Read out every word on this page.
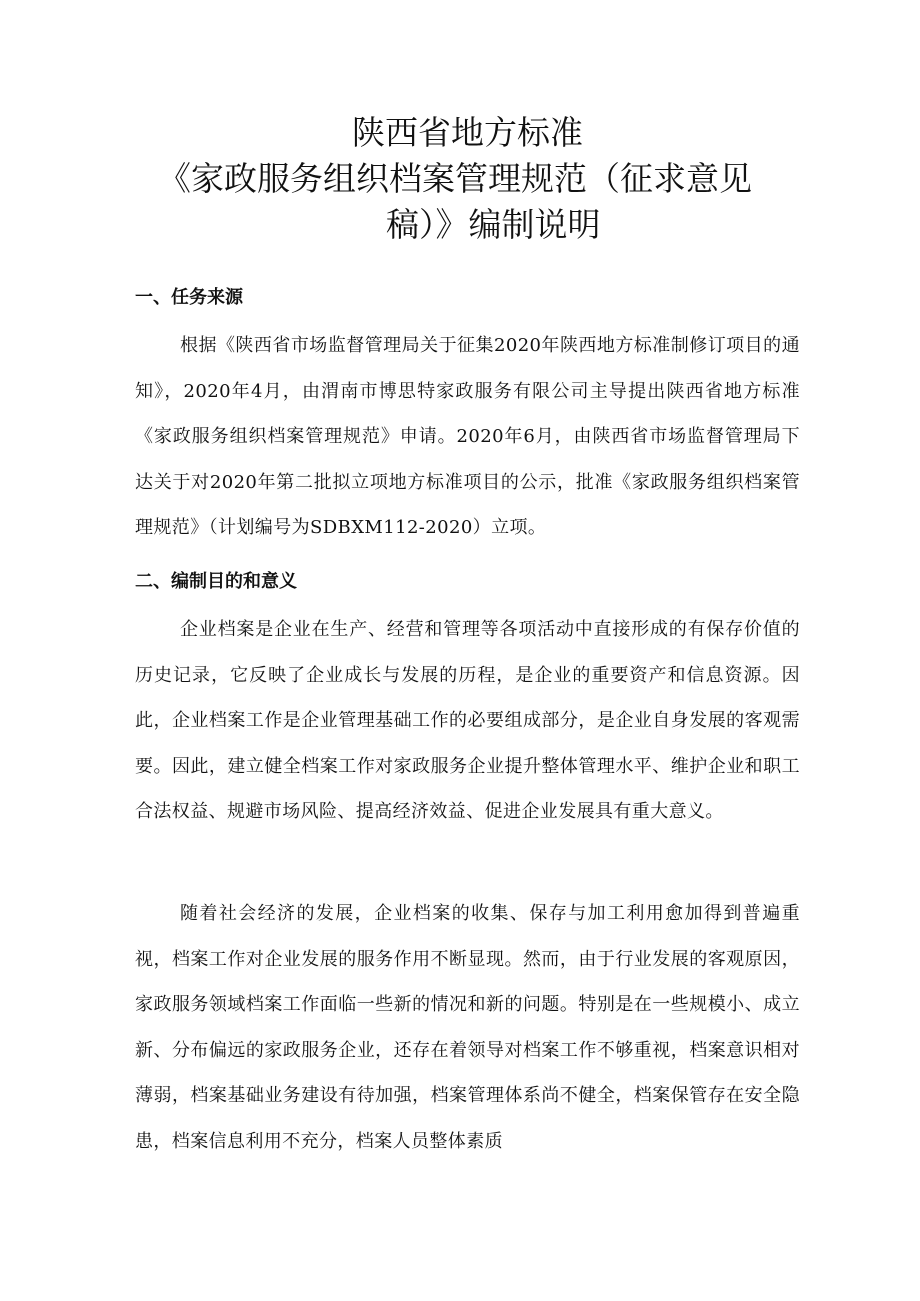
陕西省地方标准
《家政服务组织档案管理规范（征求意见
稿）》编制说明
一、任务来源

根据《陕西省市场监督管理局关于征集2020年陕西地方标准制修订项目的通知》，2020年4月，由渭南市博思特家政服务有限公司主导提出陕西省地方标准《家政服务组织档案管理规范》申请。2020年6月，由陕西省市场监督管理局下达关于对2020年第二批拟立项地方标准项目的公示，批准《家政服务组织档案管理规范》（计划编号为SDBXM112-2020）立项。

二、编制目的和意义

企业档案是企业在生产、经营和管理等各项活动中直接形成的有保存价值的历史记录，它反映了企业成长与发展的历程，是企业的重要资产和信息资源。因此，企业档案工作是企业管理基础工作的必要组成部分，是企业自身发展的客观需要。因此，建立健全档案工作对家政服务企业提升整体管理水平、维护企业和职工合法权益、规避市场风险、提高经济效益、促进企业发展具有重大意义。

随着社会经济的发展，企业档案的收集、保存与加工利用愈加得到普遍重视，档案工作对企业发展的服务作用不断显现。然而，由于行业发展的客观原因，家政服务领域档案工作面临一些新的情况和新的问题。特别是在一些规模小、成立新、分布偏远的家政服务企业，还存在着领导对档案工作不够重视，档案意识相对薄弱，档案基础业务建设有待加强，档案管理体系尚不健全，档案保管存在安全隐患，档案信息利用不充分，档案人员整体素质
